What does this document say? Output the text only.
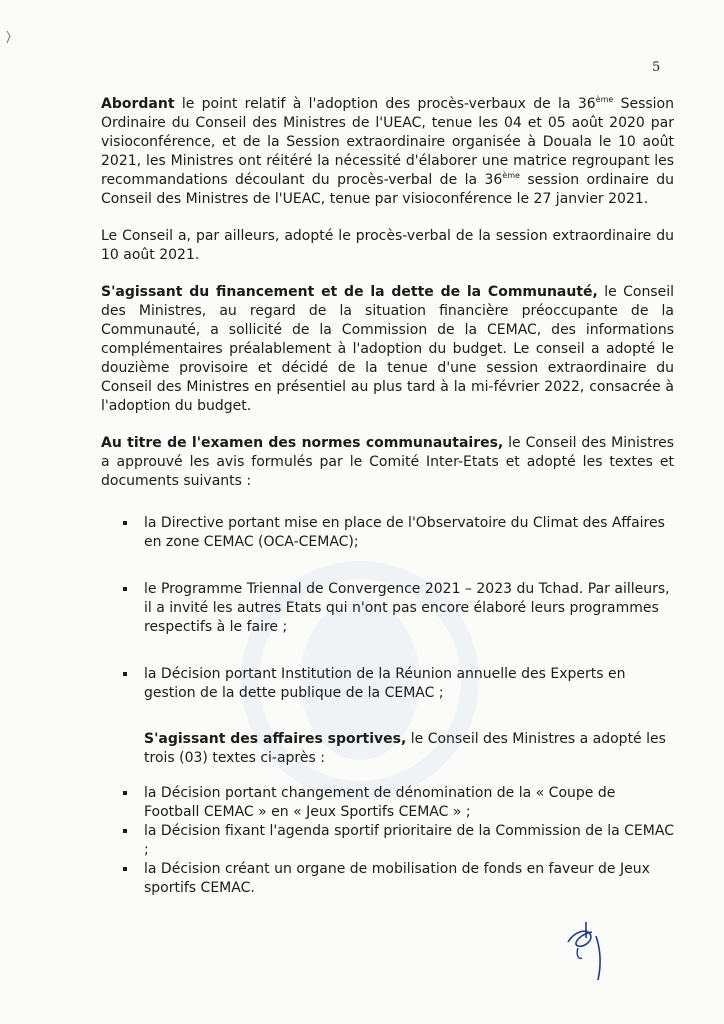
5

Abordant le point relatif à l'adoption des procès-verbaux de la 36ème Session Ordinaire du Conseil des Ministres de l'UEAC, tenue les 04 et 05 août 2020 par visioconférence, et de la Session extraordinaire organisée à Douala le 10 août 2021, les Ministres ont réitéré la nécessité d'élaborer une matrice regroupant les recommandations découlant du procès-verbal de la 36ème session ordinaire du Conseil des Ministres de l'UEAC, tenue par visioconférence le 27 janvier 2021.

Le Conseil a, par ailleurs, adopté le procès-verbal de la session extraordinaire du 10 août 2021.

S'agissant du financement et de la dette de la Communauté, le Conseil des Ministres, au regard de la situation financière préoccupante de la Communauté, a sollicité de la Commission de la CEMAC, des informations complémentaires préalablement à l'adoption du budget. Le conseil a adopté le douzième provisoire et décidé de la tenue d'une session extraordinaire du Conseil des Ministres en présentiel au plus tard à la mi-février 2022, consacrée à l'adoption du budget.

Au titre de l'examen des normes communautaires, le Conseil des Ministres a approuvé les avis formulés par le Comité Inter-Etats et adopté les textes et documents suivants :

la Directive portant mise en place de l'Observatoire du Climat des Affaires en zone CEMAC (OCA-CEMAC);
le Programme Triennal de Convergence 2021 – 2023 du Tchad. Par ailleurs, il a invité les autres Etats qui n'ont pas encore élaboré leurs programmes respectifs à le faire ;
la Décision portant Institution de la Réunion annuelle des Experts en gestion de la dette publique de la CEMAC ;

S'agissant des affaires sportives, le Conseil des Ministres a adopté les trois (03) textes ci-après :

la Décision portant changement de dénomination de la « Coupe de Football CEMAC » en « Jeux Sportifs CEMAC » ;
la Décision fixant l'agenda sportif prioritaire de la Commission de la CEMAC ;
la Décision créant un organe de mobilisation de fonds en faveur de Jeux sportifs CEMAC.
